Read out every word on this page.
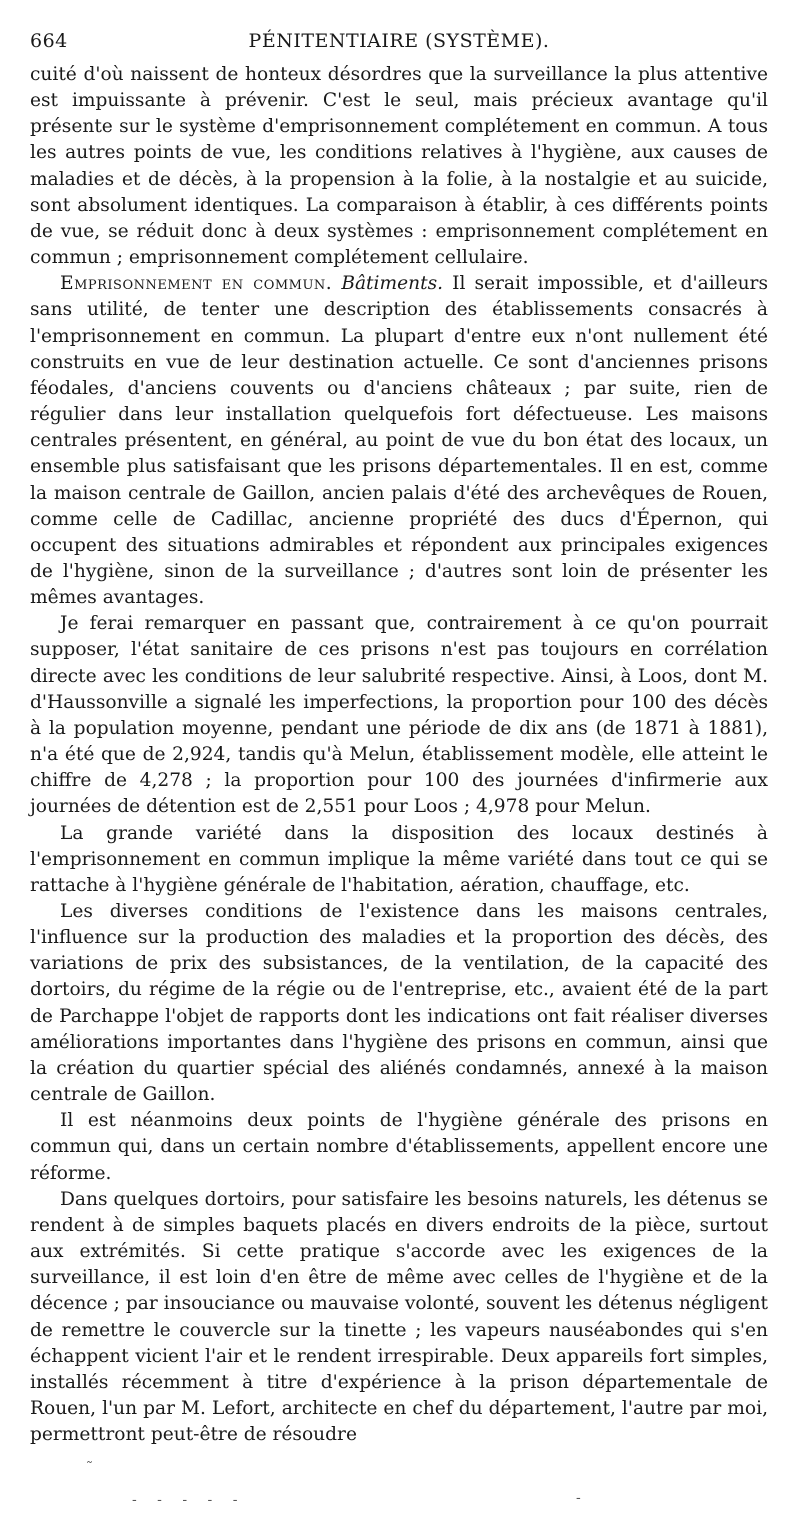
664	PÉNITENTIAIRE (SYSTÈME).

cuité d'où naissent de honteux désordres que la surveillance la plus attentive est impuissante à prévenir. C'est le seul, mais précieux avantage qu'il présente sur le système d'emprisonnement complétement en commun. A tous les autres points de vue, les conditions relatives à l'hygiène, aux causes de maladies et de décès, à la propension à la folie, à la nostalgie et au suicide, sont absolument identiques. La comparaison à établir, à ces différents points de vue, se réduit donc à deux systèmes : emprisonnement complétement en commun ; emprisonnement complétement cellulaire.

Emprisonnement en commun. Bâtiments. Il serait impossible, et d'ailleurs sans utilité, de tenter une description des établissements consacrés à l'emprisonnement en commun. La plupart d'entre eux n'ont nullement été construits en vue de leur destination actuelle. Ce sont d'anciennes prisons féodales, d'anciens couvents ou d'anciens châteaux ; par suite, rien de régulier dans leur installation quelquefois fort défectueuse. Les maisons centrales présentent, en général, au point de vue du bon état des locaux, un ensemble plus satisfaisant que les prisons départementales. Il en est, comme la maison centrale de Gaillon, ancien palais d'été des archevêques de Rouen, comme celle de Cadillac, ancienne propriété des ducs d'Épernon, qui occupent des situations admirables et répondent aux principales exigences de l'hygiène, sinon de la surveillance ; d'autres sont loin de présenter les mêmes avantages.

Je ferai remarquer en passant que, contrairement à ce qu'on pourrait supposer, l'état sanitaire de ces prisons n'est pas toujours en corrélation directe avec les conditions de leur salubrité respective. Ainsi, à Loos, dont M. d'Haussonville a signalé les imperfections, la proportion pour 100 des décès à la population moyenne, pendant une période de dix ans (de 1871 à 1881), n'a été que de 2,924, tandis qu'à Melun, établissement modèle, elle atteint le chiffre de 4,278 ; la proportion pour 100 des journées d'infirmerie aux journées de détention est de 2,551 pour Loos ; 4,978 pour Melun.

La grande variété dans la disposition des locaux destinés à l'emprisonnement en commun implique la même variété dans tout ce qui se rattache à l'hygiène générale de l'habitation, aération, chauffage, etc.

Les diverses conditions de l'existence dans les maisons centrales, l'influence sur la production des maladies et la proportion des décès, des variations de prix des subsistances, de la ventilation, de la capacité des dortoirs, du régime de la régie ou de l'entreprise, etc., avaient été de la part de Parchappe l'objet de rapports dont les indications ont fait réaliser diverses améliorations importantes dans l'hygiène des prisons en commun, ainsi que la création du quartier spécial des aliénés condamnés, annexé à la maison centrale de Gaillon.

Il est néanmoins deux points de l'hygiène générale des prisons en commun qui, dans un certain nombre d'établissements, appellent encore une réforme.

Dans quelques dortoirs, pour satisfaire les besoins naturels, les détenus se rendent à de simples baquets placés en divers endroits de la pièce, surtout aux extrémités. Si cette pratique s'accorde avec les exigences de la surveillance, il est loin d'en être de même avec celles de l'hygiène et de la décence ; par insouciance ou mauvaise volonté, souvent les détenus négligent de remettre le couvercle sur la tinette ; les vapeurs nauséabondes qui s'en échappent vicient l'air et le rendent irrespirable. Deux appareils fort simples, installés récemment à titre d'expérience à la prison départementale de Rouen, l'un par M. Lefort, architecte en chef du département, l'autre par moi, permettront peut-être de résoudre

˜
- - - - -	-
